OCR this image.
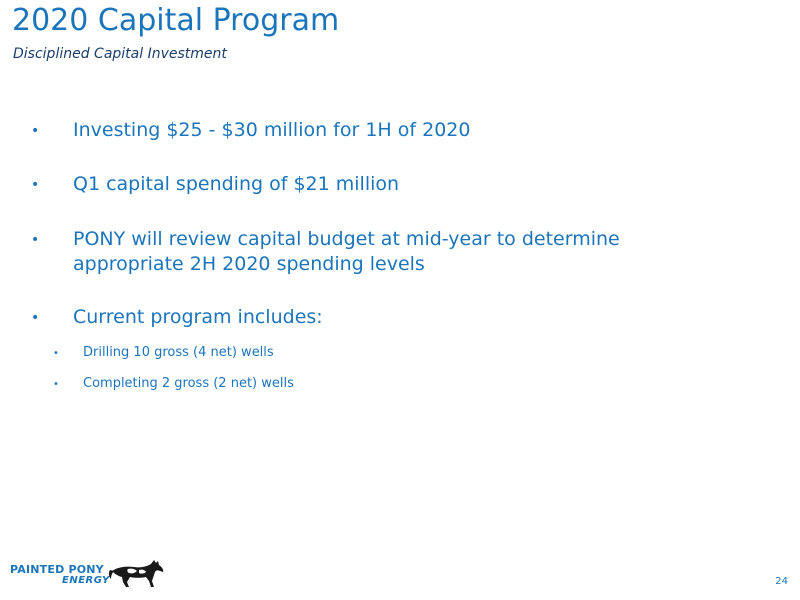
2020 Capital Program

Disciplined Capital Investment

• Investing $25 - $30 million for 1H of 2020
• Q1 capital spending of $21 million
• PONY will review capital budget at mid-year to determine
appropriate 2H 2020 spending levels
• Current program includes:
• Drilling 10 gross (4 net) wells
• Completing 2 gross (2 net) wells
PAINTED PONY
ENERGY	24
